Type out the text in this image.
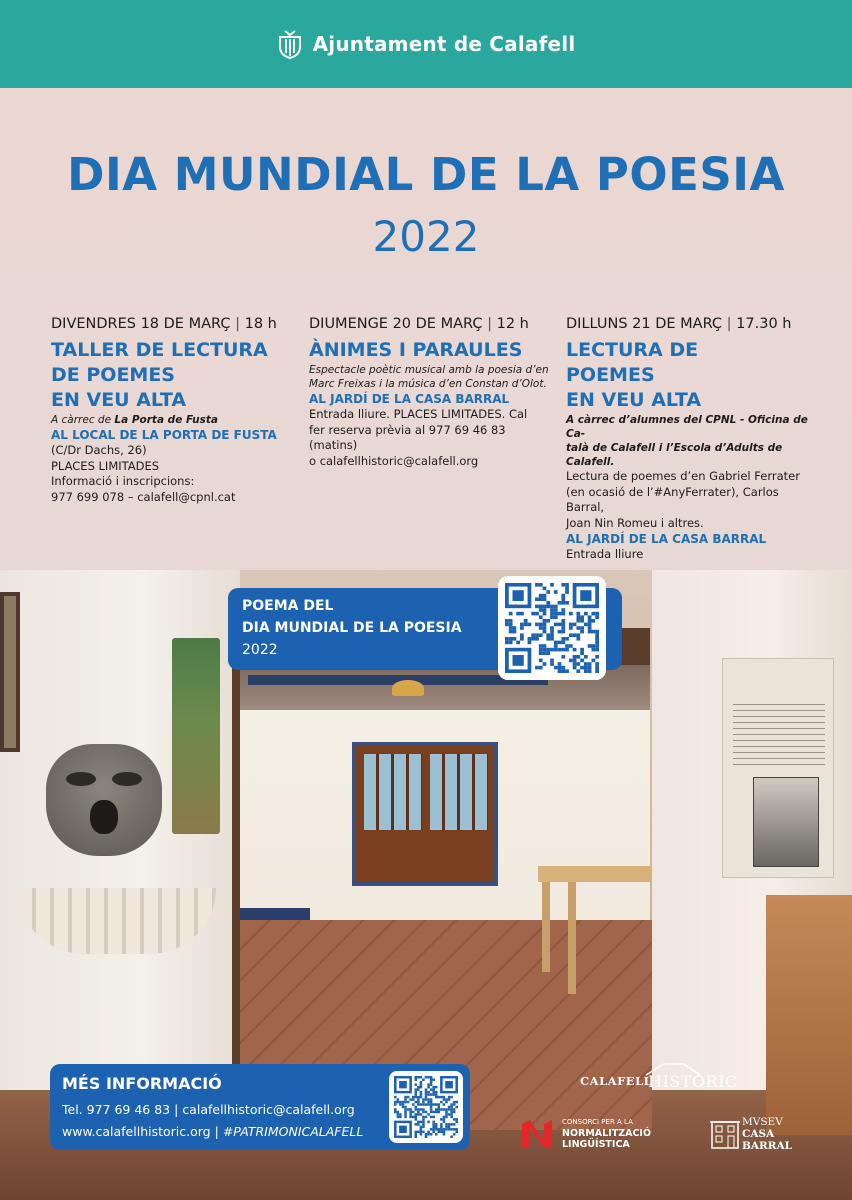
Ajuntament de Calafell
DIA MUNDIAL DE LA POESIA
2022
DIVENDRES 18 DE MARÇ | 18 h
TALLER DE LECTURA
DE POEMES
EN VEU ALTA
A càrrec de La Porta de Fusta
AL LOCAL DE LA PORTA DE FUSTA
(C/Dr Dachs, 26)
PLACES LIMITADES
Informació i inscripcions:
977 699 078 – calafell@cpnl.cat
DIUMENGE 20 DE MARÇ | 12 h
ÀNIMES I PARAULES
Espectacle poètic musical amb la poesia d’en
Marc Freixas i la música d’en Constan d’Olot.
AL JARDÍ DE LA CASA BARRAL
Entrada lliure. PLACES LIMITADES. Cal
fer reserva prèvia al 977 69 46 83 (matins)
o calafellhistoric@calafell.org
DILLUNS 21 DE MARÇ | 17.30 h
LECTURA DE
POEMES
EN VEU ALTA
A càrrec d’alumnes del CPNL - Oficina de Ca-
talà de Calafell i l’Escola d’Adults de Calafell.
Lectura de poemes d’en Gabriel Ferrater
(en ocasió de l’#AnyFerrater), Carlos Barral,
Joan Nin Romeu i altres.
AL JARDÍ DE LA CASA BARRAL
Entrada lliure
POEMA DEL
DIA MUNDIAL DE LA POESIA
2022
MÉS INFORMACIÓ
Tel. 977 69 46 83 | calafellhistoric@calafell.org
www.calafellhistoric.org | #PATRIMONICALAFELL
CALAFELL
HISTÒRIC
CONSORCI PER A LA
NORMALITZACIÓ
LINGÜÍSTICA
MVSEV
CASA
BARRAL
